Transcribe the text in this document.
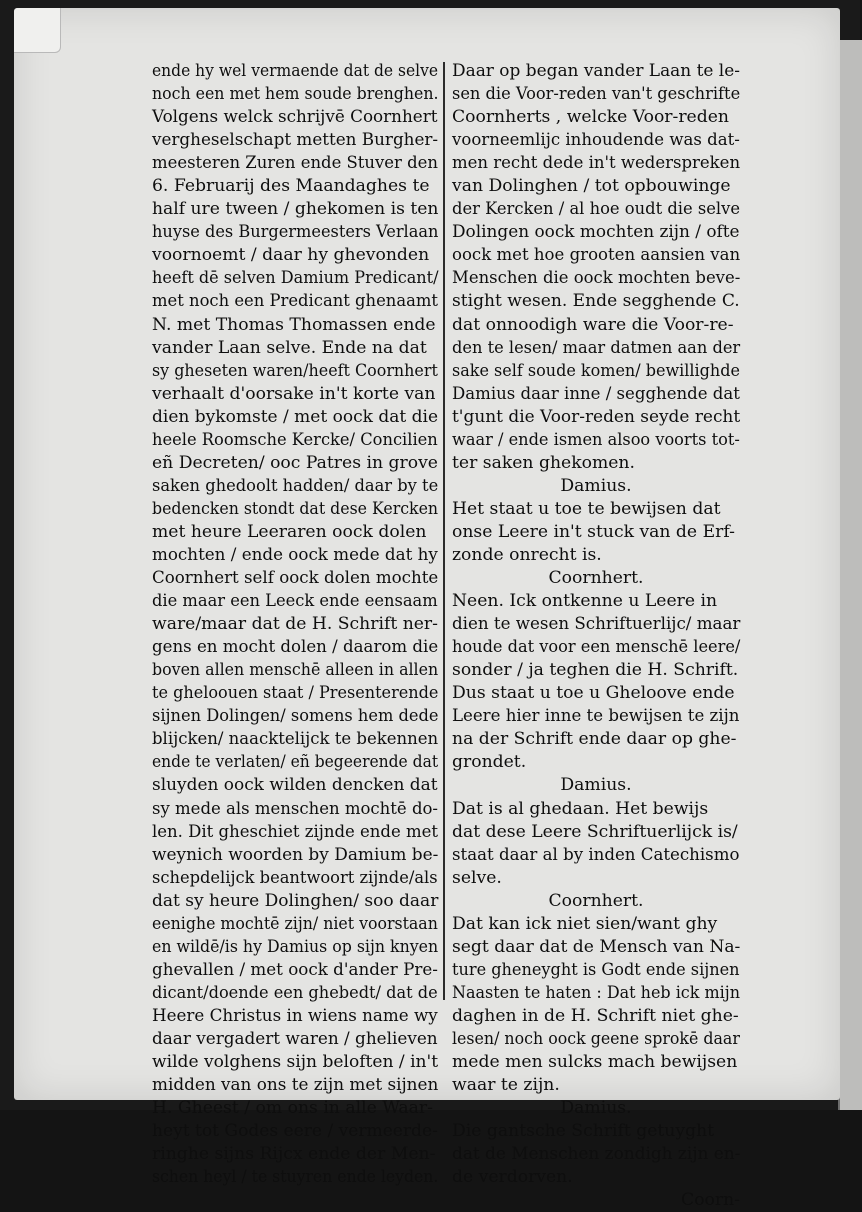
ende hy wel vermaende dat de selve
noch een met hem soude brenghen.
Volgens welck schrijvē Coornhert
vergheselschapt metten Burgher-
meesteren Zuren ende Stuver den
6. Februarij des Maandaghes te
half ure tween / ghekomen is ten
huyse des Burgermeesters Verlaan
voornoemt / daar hy ghevonden
heeft dē selven Damium Predicant/
met noch een Predicant ghenaamt
N. met Thomas Thomassen ende
vander Laan selve. Ende na dat
sy gheseten waren/heeft Coornhert
verhaalt d'oorsake in't korte van
dien bykomste / met oock dat die
heele Roomsche Kercke/ Concilien
eñ Decreten/ ooc Patres in grove
saken ghedoolt hadden/ daar by te
bedencken stondt dat dese Kercken
met heure Leeraren oock dolen
mochten / ende oock mede dat hy
Coornhert self oock dolen mochte
die maar een Leeck ende eensaam
ware/maar dat de H. Schrift ner-
gens en mocht dolen / daarom die
boven allen menschē alleen in allen
te gheloouen staat / Presenterende
sijnen Dolingen/ somens hem dede
blijcken/ naacktelijck te bekennen
ende te verlaten/ eñ begeerende dat
sluyden oock wilden dencken dat
sy mede als menschen mochtē do-
len. Dit gheschiet zijnde ende met
weynich woorden by Damium be-
schepdelijck beantwoort zijnde/als
dat sy heure Dolinghen/ soo daar
eenighe mochtē zijn/ niet voorstaan
en wildē/is hy Damius op sijn knyen
ghevallen / met oock d'ander Pre-
dicant/doende een ghebedt/ dat de
Heere Christus in wiens name wy
daar vergadert waren / ghelieven
wilde volghens sijn beloften / in't
midden van ons te zijn met sijnen
H. Gheest / om ons in alle Waar-
heyt tot Godes eere / vermeerde-
ringhe sijns Rijcx ende der Men-
schen heyl / te stuyren ende leyden.
Daar op began vander Laan te le-
sen die Voor-reden van't geschrifte
Coornherts , welcke Voor-reden
voorneemlijc inhoudende was dat-
men recht dede in't wederspreken
van Dolinghen / tot opbouwinge
der Kercken / al hoe oudt die selve
Dolingen oock mochten zijn / ofte
oock met hoe grooten aansien van
Menschen die oock mochten beve-
stight wesen. Ende segghende C.
dat onnoodigh ware die Voor-re-
den te lesen/ maar datmen aan der
sake self soude komen/ bewillighde
Damius daar inne / segghende dat
t'gunt die Voor-reden seyde recht
waar / ende ismen alsoo voorts tot-
ter saken ghekomen.
Damius.
Het staat u toe te bewijsen dat
onse Leere in't stuck van de Erf-
zonde onrecht is.
Coornhert.
Neen. Ick ontkenne u Leere in
dien te wesen Schriftuerlijc/ maar
houde dat voor een menschē leere/
sonder / ja teghen die H. Schrift.
Dus staat u toe u Gheloove ende
Leere hier inne te bewijsen te zijn
na der Schrift ende daar op ghe-
grondet.
Damius.
Dat is al ghedaan. Het bewijs
dat dese Leere Schriftuerlijck is/
staat daar al by inden Catechismo
selve.
Coornhert.
Dat kan ick niet sien/want ghy
segt daar dat de Mensch van Na-
ture gheneyght is Godt ende sijnen
Naasten te haten : Dat heb ick mijn
daghen in de H. Schrift niet ghe-
lesen/ noch oock geene sprokē daar
mede men sulcks mach bewijsen
waar te zijn.
Damius.
Die gantsche Schrift getuyght
dat de Menschen zondigh zijn en-
de verdorven.
Coorn-
